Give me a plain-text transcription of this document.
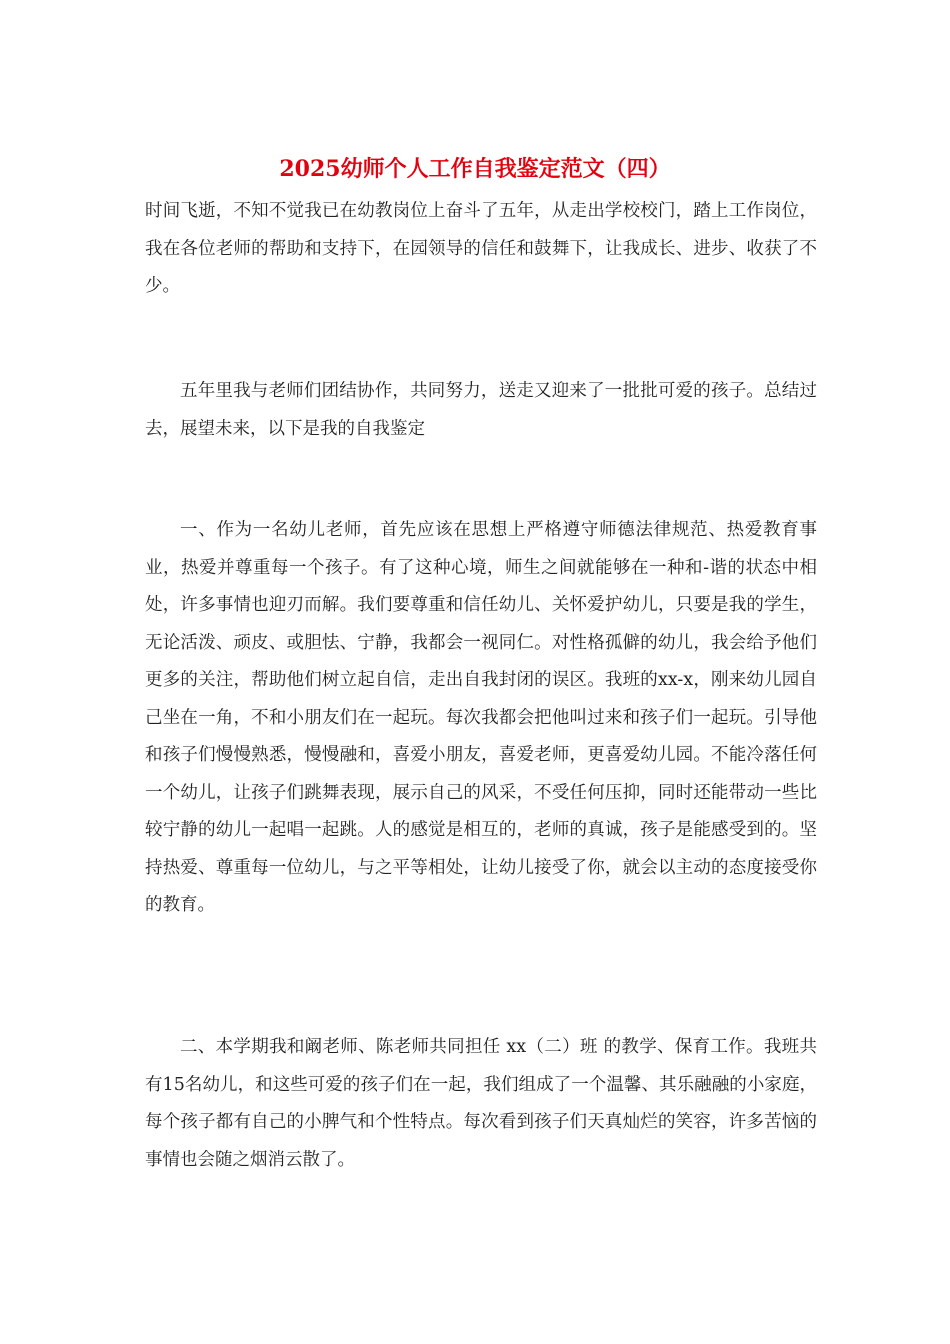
2025幼师个人工作自我鉴定范文（四）

时间飞逝，不知不觉我已在幼教岗位上奋斗了五年，从走出学校校门，踏上工作岗位，我在各位老师的帮助和支持下，在园领导的信任和鼓舞下，让我成长、进步、收获了不少。

五年里我与老师们团结协作，共同努力，送走又迎来了一批批可爱的孩子。总结过去，展望未来，以下是我的自我鉴定

一、作为一名幼儿老师，首先应该在思想上严格遵守师德法律规范、热爱教育事业，热爱并尊重每一个孩子。有了这种心境，师生之间就能够在一种和-谐的状态中相处，许多事情也迎刃而解。我们要尊重和信任幼儿、关怀爱护幼儿，只要是我的学生，无论活泼、顽皮、或胆怯、宁静，我都会一视同仁。对性格孤僻的幼儿，我会给予他们更多的关注，帮助他们树立起自信，走出自我封闭的误区。我班的xx-x，刚来幼儿园自己坐在一角，不和小朋友们在一起玩。每次我都会把他叫过来和孩子们一起玩。引导他和孩子们慢慢熟悉，慢慢融和，喜爱小朋友，喜爱老师，更喜爱幼儿园。不能冷落任何一个幼儿，让孩子们跳舞表现，展示自己的风采，不受任何压抑，同时还能带动一些比较宁静的幼儿一起唱一起跳。人的感觉是相互的，老师的真诚，孩子是能感受到的。坚持热爱、尊重每一位幼儿，与之平等相处，让幼儿接受了你，就会以主动的态度接受你的教育。

二、本学期我和阚老师、陈老师共同担任 xx（二）班 的教学、保育工作。我班共有15名幼儿，和这些可爱的孩子们在一起，我们组成了一个温馨、其乐融融的小家庭，每个孩子都有自己的小脾气和个性特点。每次看到孩子们天真灿烂的笑容，许多苦恼的事情也会随之烟消云散了。
